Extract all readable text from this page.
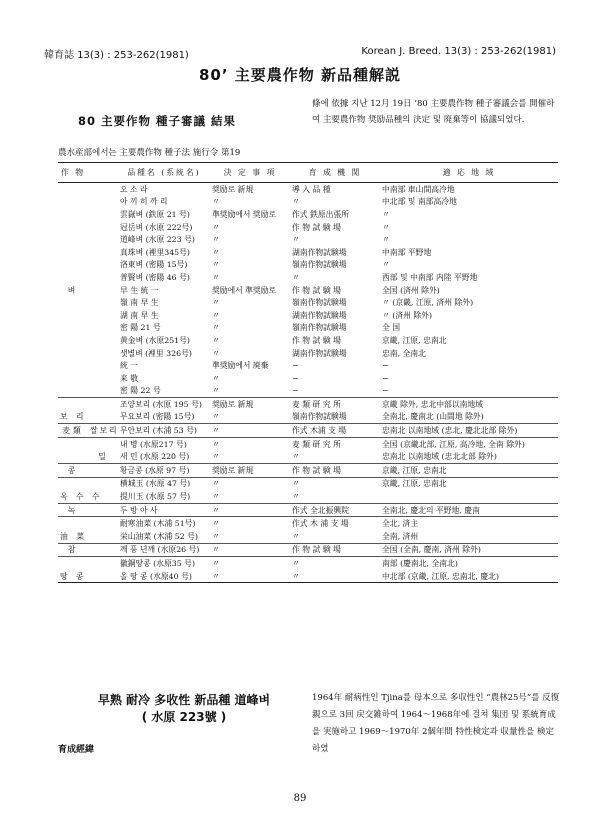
韓育誌 13(3) : 253-262(1981)	Korean J. Breed. 13(3) : 253-262(1981)
80’ 主要農作物 新品種解説
80 主要作物 種子審議 結果
條에 依據 지난 12月 19日 ’80 主要農作物 種子審議会를 開催하여 主要農作物 奨励品種의 決定 및 廃棄等이 協議되었다.
農水産部에서는 主要農作物 種子法 施行令 第19
作 物		品種名 (系統名)	決 定 事 項	育 成 機 関	適 応 地 域
		오 소 라	奨励로 新規	導 入 品 種	中南部 車山間高冷地
		아 끼 히 까 리	〃	〃	中北部 및 南部高冷地
		雲嶽벼 (鉄原 21 号)	準奨励에서 奨励로	作式 鉄原出張所	〃
		冠岳벼 (水原 222号)	〃	作 物 試 験 場	〃
		道峰벼 (水原 223 号)	〃	〃	〃
		真珠벼 (裡里345号)	〃	湖南作物試験場	中南部 平野地
		洛東벼 (密陽 15号)	〃	嶺南作物試験場	〃
		普賢벼 (密陽 46 号)	〃	〃	西部 및 中南部 内陸 平野地
벼		早 生 統 一	奨励에서 準奨励로	作 物 試 験 場	全国 (済州 除外)
		嶺 南 早 生	〃	嶺南作物試験場	〃 (京畿, 江原, 済州 除外)
		湖 南 早 生	〃	湖南作物試験場	〃 (済州 除外)
		密 陽 21 号	〃	嶺南作物試験場	全 国
		黄金벼 (水原251号)	〃	作 物 試 験 場	京畿, 江原, 忠南北
		샛별벼 (裡里 326号)	〃	湖南作物試験場	忠南, 全南北
		統 一	準奨励에서 廃棄	−	−
		来 敬	〃	−	−
		密 陽 22 号	〃	−	−
		조양보리 (水原 195 号)	奨励로 新規	麦 類 研 究 所	京畿 除外, 忠北中部以南地域
보 리		무요보리 (密陽 15号)	〃	嶺南作物試験場	全南北, 慶南北 (山間地 除外)
麦類	쌀보리	무안보리 (木浦 53 号)	〃	作式 木浦 支 場	忠南北 以南地域 (忠北, 慶北北部 除外)
		내 병 (水原217 号)	〃	麦 類 研 究 所	全国 (京畿北部, 江原, 高冷地, 全南 除外)
	밀	새 민 (水原 220 号)	〃	〃	忠南北 以南地域 (忠北北部 除外)
콩		황금콩 (水原 97 号)	奨励로 新規	作 物 試 験 場	京畿, 江原, 忠南北
		横城玉 (水原 47 号)	〃	〃	京畿, 江原, 忠南北
옥 수 수		提川玉 (水原 57 号)	〃	〃	
녹		두 방 아 사	〃	作式 全北振興院	全南北, 慶北의 平野地, 慶南
		耐寒油菜 (木浦 51号)	〃	作式 木 浦 支 場	全北, 済主
油 菜		栄山油菜 (木浦 52 号)	〃	〃	全南, 済州
참		깨 풍 년깨 (水原26 号)	〃	作 物 試 験 場	全国 (全南, 慶南, 済州 除外)
		徽銅땅콩 (水原35 号)	〃	〃	南部 (慶南北, 全南北)
땅 콩		올 땅 콩 (水原40 号)	〃	〃	中北部 (京畿, 江原, 忠南北, 慶北)
早熟 耐冷 多收性 新品種 道峰벼
( 水原 223號 )
育成經緯
1964年 耐病性인 Tjina를 母本으로 多収性인 “農林25号”를 反復親으로 3回 戻交雑하여 1964〜1968年에 걸쳐 集団 및 系統育成을 実施하고 1969〜1970年 2個年間 特性検定과 収量性을 検定하였
89
